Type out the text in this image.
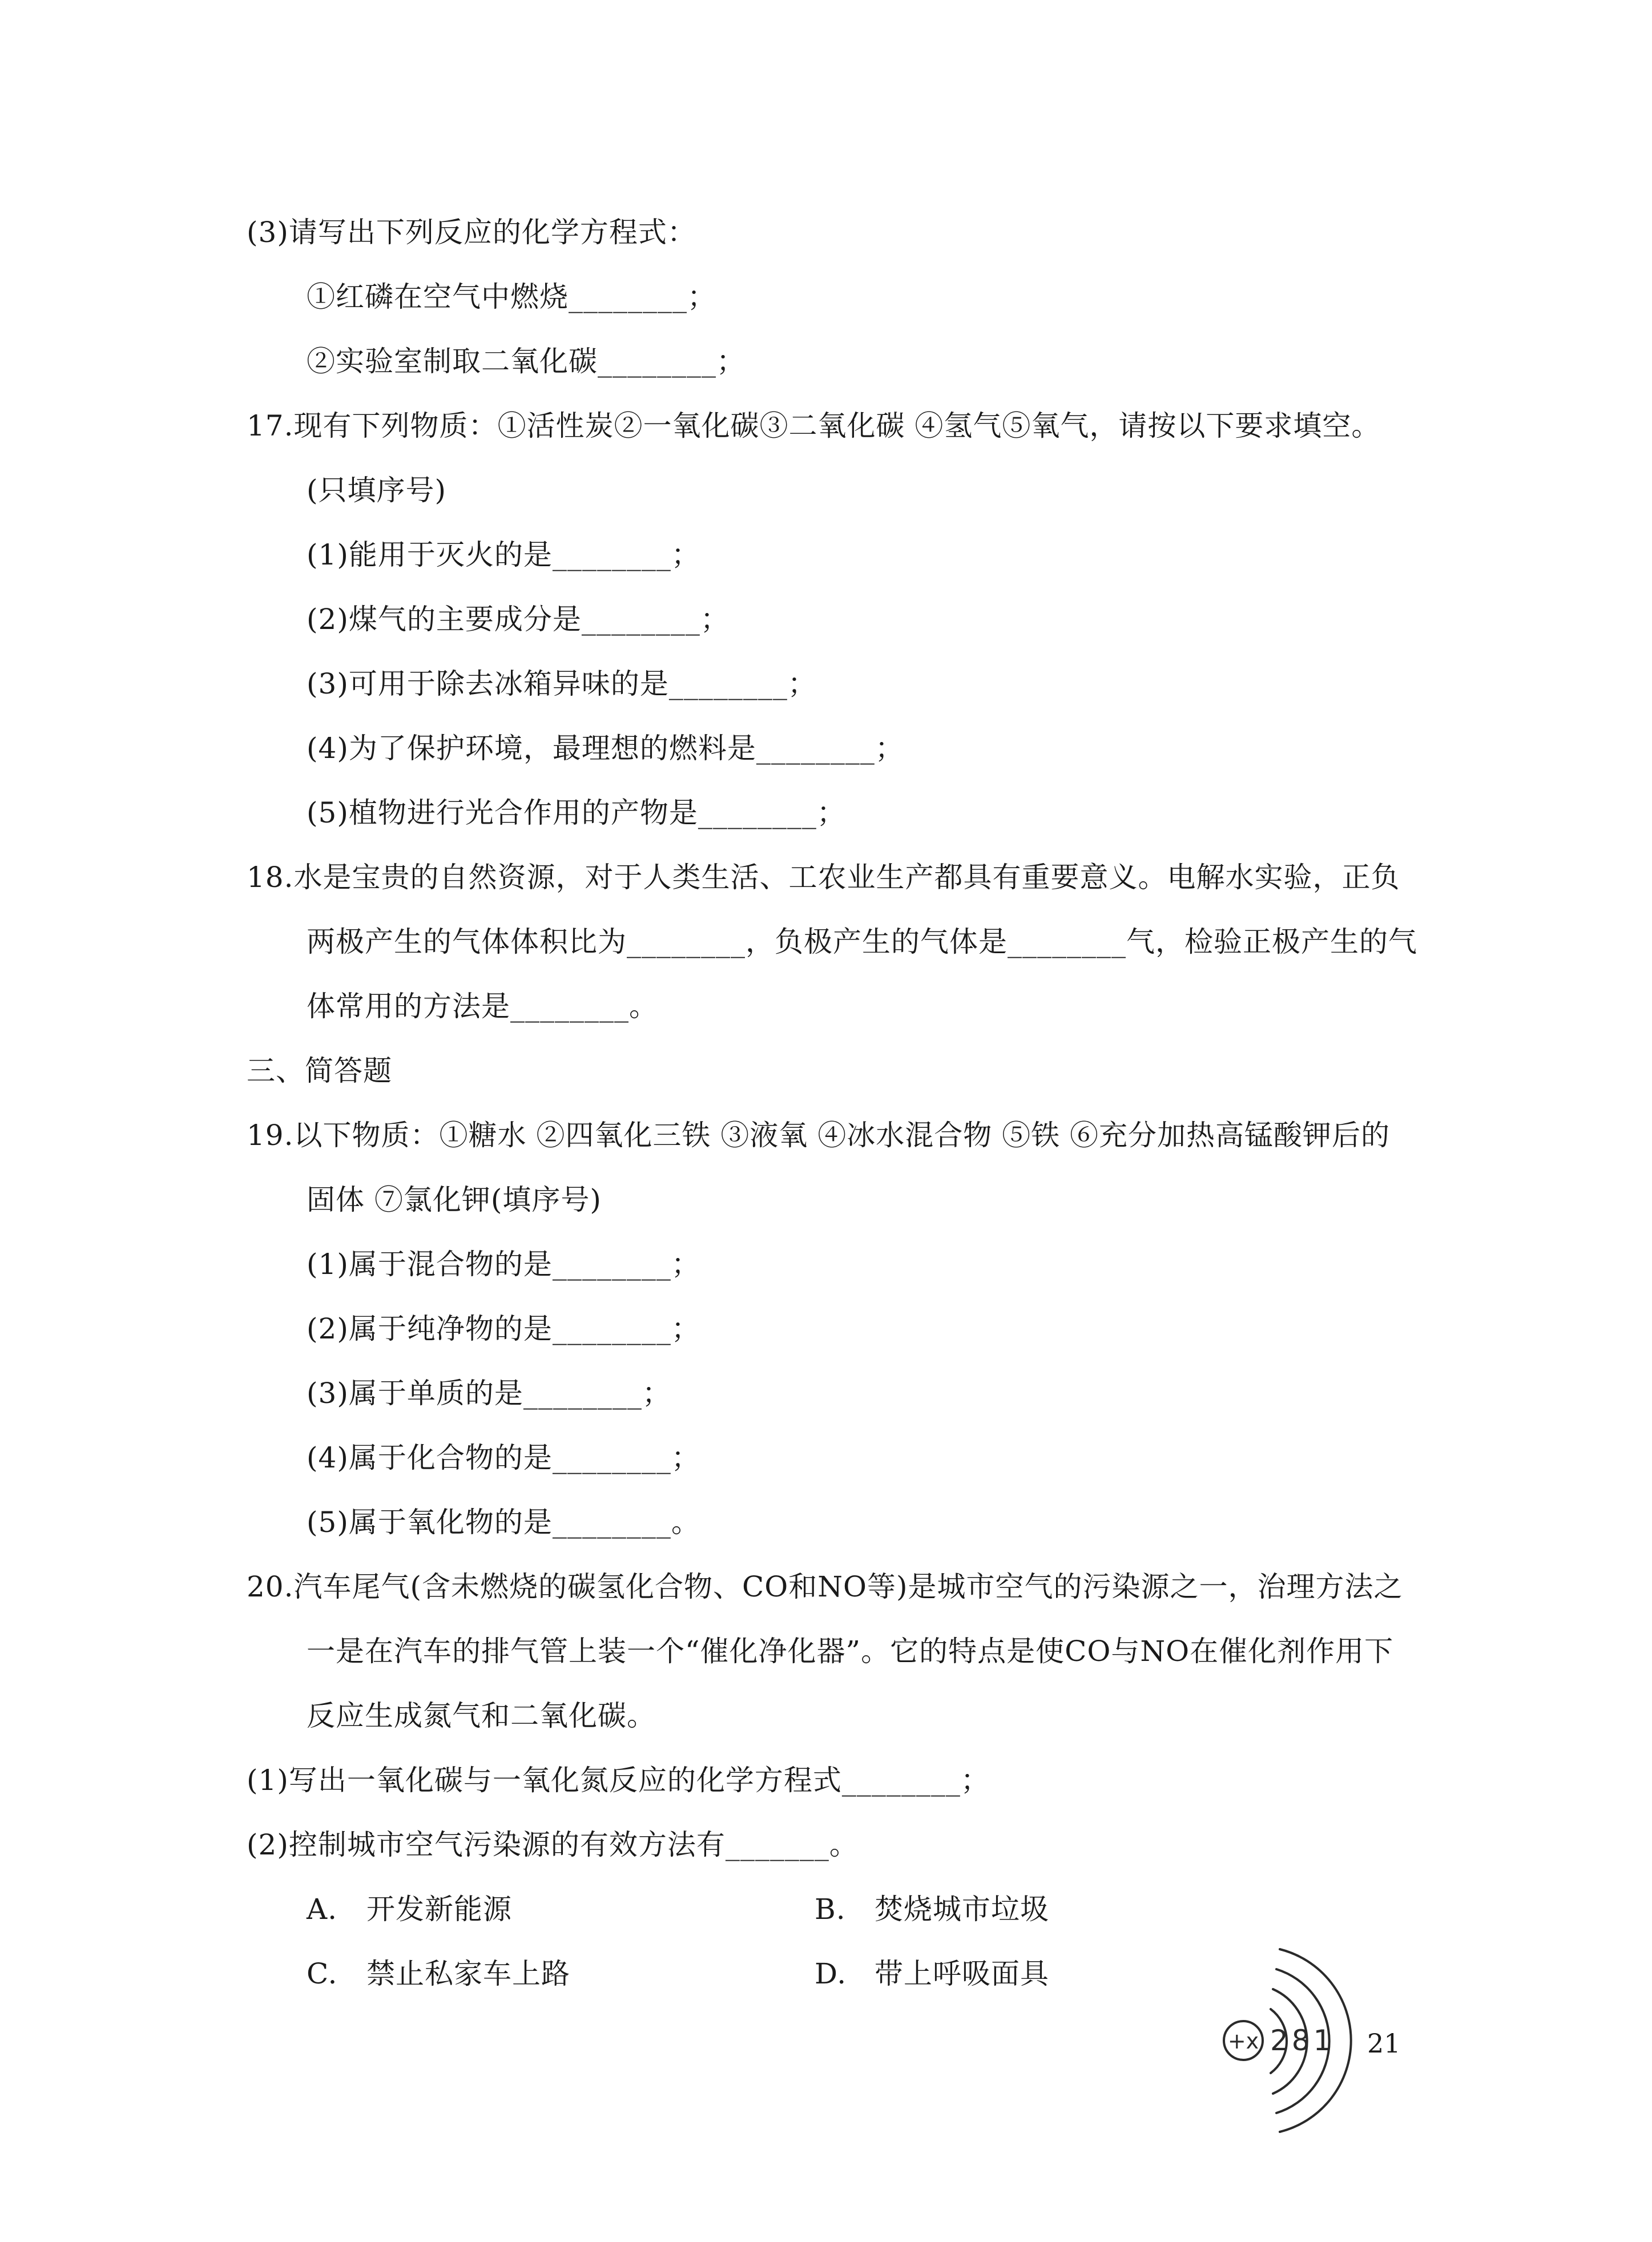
(3)请写出下列反应的化学方程式：
①红磷在空气中燃烧________；
②实验室制取二氧化碳________；
17.现有下列物质：①活性炭②一氧化碳③二氧化碳 ④氢气⑤氧气，请按以下要求填空。
(只填序号)
(1)能用于灭火的是________；
(2)煤气的主要成分是________；
(3)可用于除去冰箱异味的是________；
(4)为了保护环境，最理想的燃料是________；
(5)植物进行光合作用的产物是________；
18.水是宝贵的自然资源，对于人类生活、工农业生产都具有重要意义。电解水实验，正负
两极产生的气体体积比为________，负极产生的气体是________气，检验正极产生的气
体常用的方法是________。
三、简答题
19.以下物质：①糖水 ②四氧化三铁 ③液氧 ④冰水混合物 ⑤铁 ⑥充分加热高锰酸钾后的
固体 ⑦氯化钾(填序号)
(1)属于混合物的是________；
(2)属于纯净物的是________；
(3)属于单质的是________；
(4)属于化合物的是________；
(5)属于氧化物的是________。
20.汽车尾气(含未燃烧的碳氢化合物、CO和NO等)是城市空气的污染源之一，治理方法之
一是在汽车的排气管上装一个“催化净化器”。它的特点是使CO与NO在催化剂作用下
反应生成氮气和二氧化碳。
(1)写出一氧化碳与一氧化氮反应的化学方程式________；
(2)控制城市空气污染源的有效方法有_______。
A. 开发新能源	B. 焚烧城市垃圾
C. 禁止私家车上路	D. 带上呼吸面具
+x 281 21
